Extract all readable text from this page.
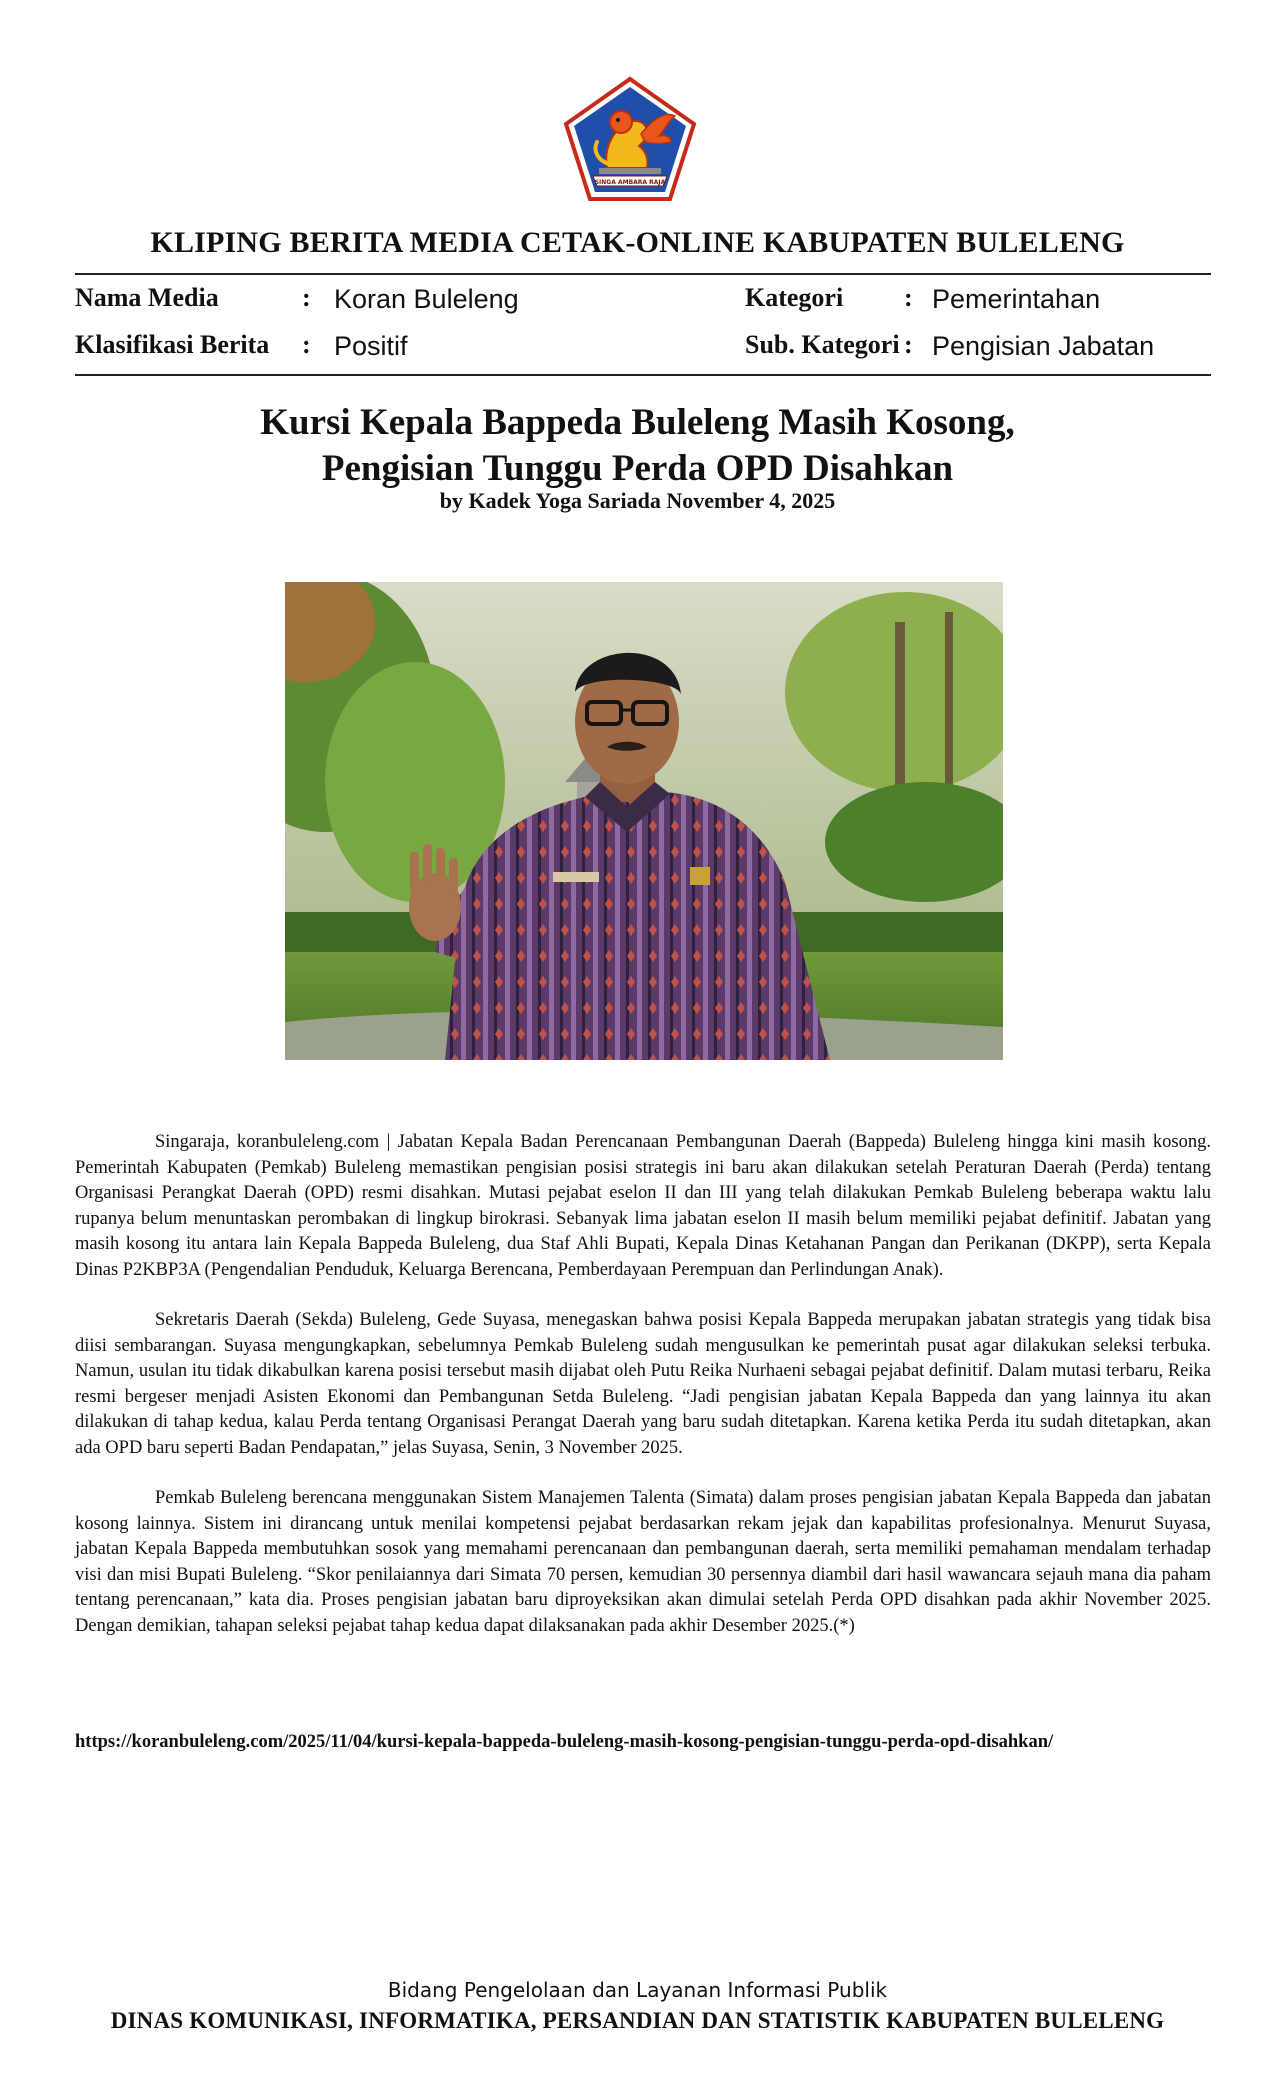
SINGA AMBARA RAJA
KLIPING BERITA MEDIA CETAK-ONLINE KABUPATEN BULELENG
Nama Media	: Koran Buleleng	Kategori : Pemerintahan
Klasifikasi Berita : Positif	Sub. Kategori : Pengisian Jabatan
Kursi Kepala Bappeda Buleleng Masih Kosong,
Pengisian Tunggu Perda OPD Disahkan
by Kadek Yoga Sariada November 4, 2025

Singaraja, koranbuleleng.com | Jabatan Kepala Badan Perencanaan Pembangunan Daerah (Bappeda) Buleleng hingga kini masih kosong. Pemerintah Kabupaten (Pemkab) Buleleng memastikan pengisian posisi strategis ini baru akan dilakukan setelah Peraturan Daerah (Perda) tentang Organisasi Perangkat Daerah (OPD) resmi disahkan. Mutasi pejabat eselon II dan III yang telah dilakukan Pemkab Buleleng beberapa waktu lalu rupanya belum menuntaskan perombakan di lingkup birokrasi. Sebanyak lima jabatan eselon II masih belum memiliki pejabat definitif. Jabatan yang masih kosong itu antara lain Kepala Bappeda Buleleng, dua Staf Ahli Bupati, Kepala Dinas Ketahanan Pangan dan Perikanan (DKPP), serta Kepala Dinas P2KBP3A (Pengendalian Penduduk, Keluarga Berencana, Pemberdayaan Perempuan dan Perlindungan Anak).

Sekretaris Daerah (Sekda) Buleleng, Gede Suyasa, menegaskan bahwa posisi Kepala Bappeda merupakan jabatan strategis yang tidak bisa diisi sembarangan. Suyasa mengungkapkan, sebelumnya Pemkab Buleleng sudah mengusulkan ke pemerintah pusat agar dilakukan seleksi terbuka. Namun, usulan itu tidak dikabulkan karena posisi tersebut masih dijabat oleh Putu Reika Nurhaeni sebagai pejabat definitif. Dalam mutasi terbaru, Reika resmi bergeser menjadi Asisten Ekonomi dan Pembangunan Setda Buleleng. “Jadi pengisian jabatan Kepala Bappeda dan yang lainnya itu akan dilakukan di tahap kedua, kalau Perda tentang Organisasi Perangat Daerah yang baru sudah ditetapkan. Karena ketika Perda itu sudah ditetapkan, akan ada OPD baru seperti Badan Pendapatan,” jelas Suyasa, Senin, 3 November 2025.

Pemkab Buleleng berencana menggunakan Sistem Manajemen Talenta (Simata) dalam proses pengisian jabatan Kepala Bappeda dan jabatan kosong lainnya. Sistem ini dirancang untuk menilai kompetensi pejabat berdasarkan rekam jejak dan kapabilitas profesionalnya. Menurut Suyasa, jabatan Kepala Bappeda membutuhkan sosok yang memahami perencanaan dan pembangunan daerah, serta memiliki pemahaman mendalam terhadap visi dan misi Bupati Buleleng. “Skor penilaiannya dari Simata 70 persen, kemudian 30 persennya diambil dari hasil wawancara sejauh mana dia paham tentang perencanaan,” kata dia. Proses pengisian jabatan baru diproyeksikan akan dimulai setelah Perda OPD disahkan pada akhir November 2025. Dengan demikian, tahapan seleksi pejabat tahap kedua dapat dilaksanakan pada akhir Desember 2025.(*)

https://koranbuleleng.com/2025/11/04/kursi-kepala-bappeda-buleleng-masih-kosong-pengisian-tunggu-perda-opd-disahkan/
Bidang Pengelolaan dan Layanan Informasi Publik
DINAS KOMUNIKASI, INFORMATIKA, PERSANDIAN DAN STATISTIK KABUPATEN BULELENG
